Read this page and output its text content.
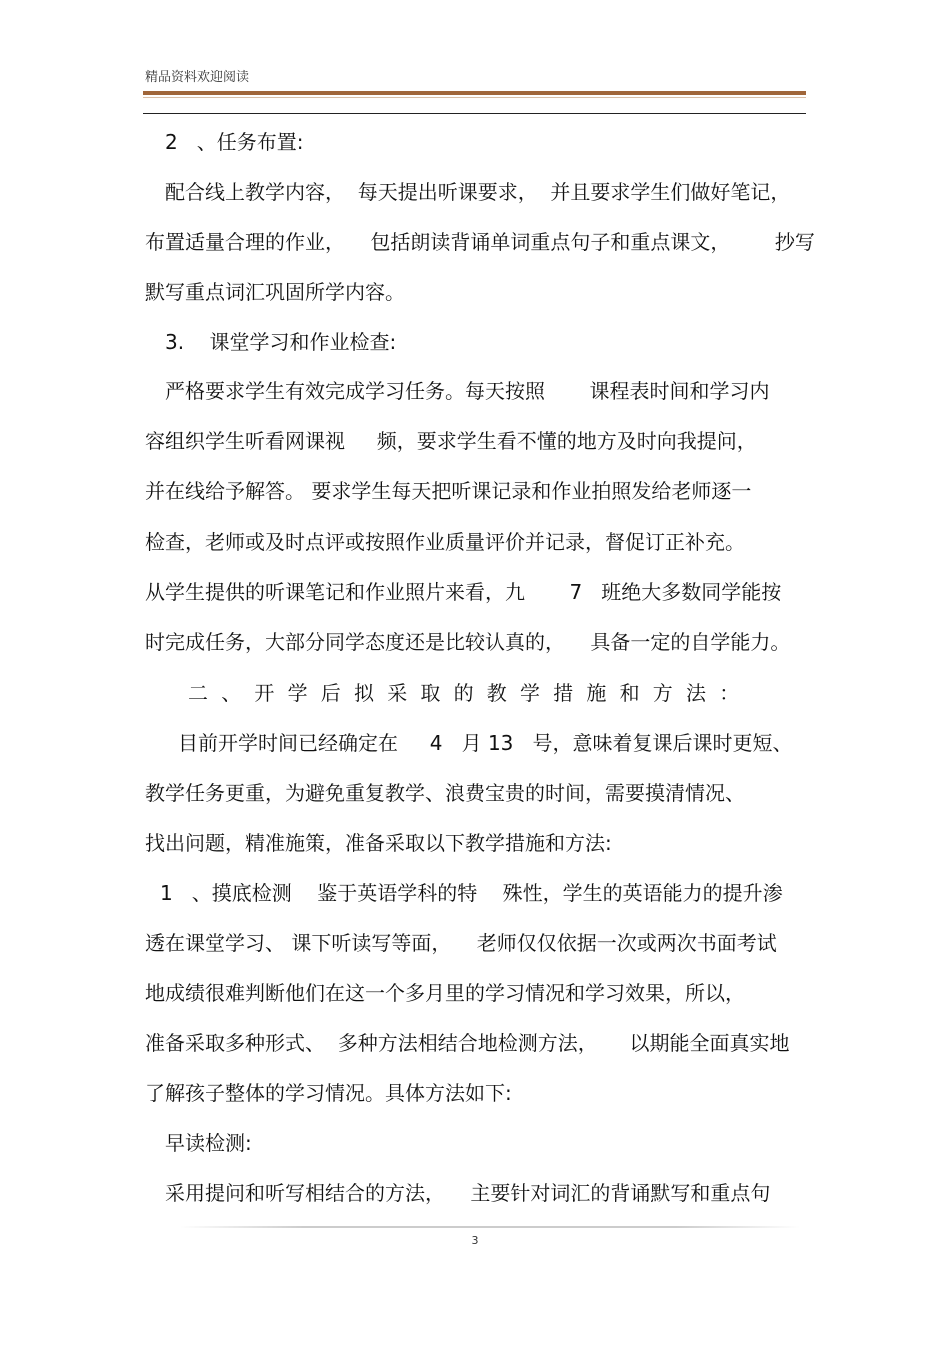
精品资料欢迎阅读
2   、任务布置:
配合线上教学内容，  每天提出听课要求，  并且要求学生们做好笔记，
布置适量合理的作业，    包括朗读背诵单词重点句子和重点课文，       抄写
默写重点词汇巩固所学内容。
3.    课堂学习和作业检查:
严格要求学生有效完成学习任务。每天按照       课程表时间和学习内
容组织学生听看网课视     频，要求学生看不懂的地方及时向我提问，
并在线给予解答。 要求学生每天把听课记录和作业拍照发给老师逐一
检查，老师或及时点评或按照作业质量评价并记录，督促订正补充。
从学生提供的听课笔记和作业照片来看，九       7   班绝大多数同学能按
时完成任务，大部分同学态度还是比较认真的，    具备一定的自学能力。
二、开学后拟采取的教学措施和方法：
目前开学时间已经确定在     4   月 13   号，意味着复课后课时更短、
教学任务更重，为避免重复教学、浪费宝贵的时间，需要摸清情况、
找出问题，精准施策，准备采取以下教学措施和方法:
1   、摸底检测    鉴于英语学科的特    殊性，学生的英语能力的提升渗
透在课堂学习、 课下听读写等面，    老师仅仅依据一次或两次书面考试
地成绩很难判断他们在这一个多月里的学习情况和学习效果，所以，
准备采取多种形式、  多种方法相结合地检测方法，     以期能全面真实地
了解孩子整体的学习情况。具体方法如下:
早读检测:
采用提问和听写相结合的方法，    主要针对词汇的背诵默写和重点句
3
